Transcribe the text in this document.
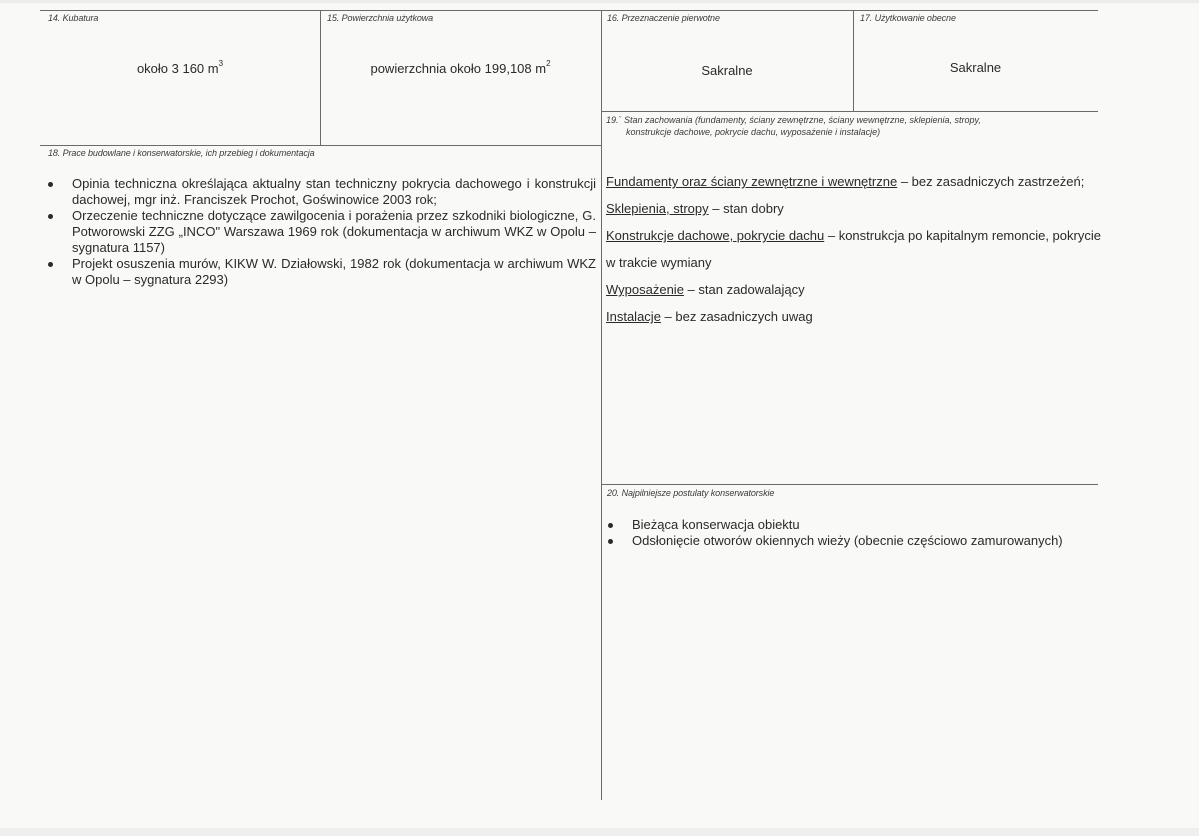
14. Kubatura
około 3 160 $m^3$
15. Powierzchnia użytkowa
powierzchnia około 199,108 $m^2$
16. Przeznaczenie pierwotne
Sakralne
17. Użytkowanie obecne
Sakralne
19.` Stan zachowania (fundamenty, ściany zewnętrzne, ściany wewnętrzne, sklepienia, stropy,
konstrukcje dachowe, pokrycie dachu, wyposażenie i instalacje)
18. Prace budowlane i konserwatorskie, ich przebieg i dokumentacja
Opinia techniczna określająca aktualny stan techniczny pokrycia dachowego i konstrukcji dachowej, mgr inż. Franciszek Prochot, Goświnowice 2003 rok;
Orzeczenie techniczne dotyczące zawilgocenia i porażenia przez szkodniki biologiczne, G. Potworowski ZZG „INCO" Warszawa 1969 rok (dokumentacja w archiwum WKZ w Opolu – sygnatura 1157)
Projekt osuszenia murów, KIKW W. Działowski, 1982 rok (dokumentacja w archiwum WKZ w Opolu – sygnatura 2293)
Fundamenty oraz ściany zewnętrzne i wewnętrzne – bez zasadniczych zastrzeżeń;
Sklepienia, stropy – stan dobry
Konstrukcje dachowe, pokrycie dachu – konstrukcja po kapitalnym remoncie, pokrycie
w trakcie wymiany
Wyposażenie – stan zadowalający
Instalacje – bez zasadniczych uwag
20. Najpilniejsze postulaty konserwatorskie
Bieżąca konserwacja obiektu
Odsłonięcie otworów okiennych wieży (obecnie częściowo zamurowanych)
